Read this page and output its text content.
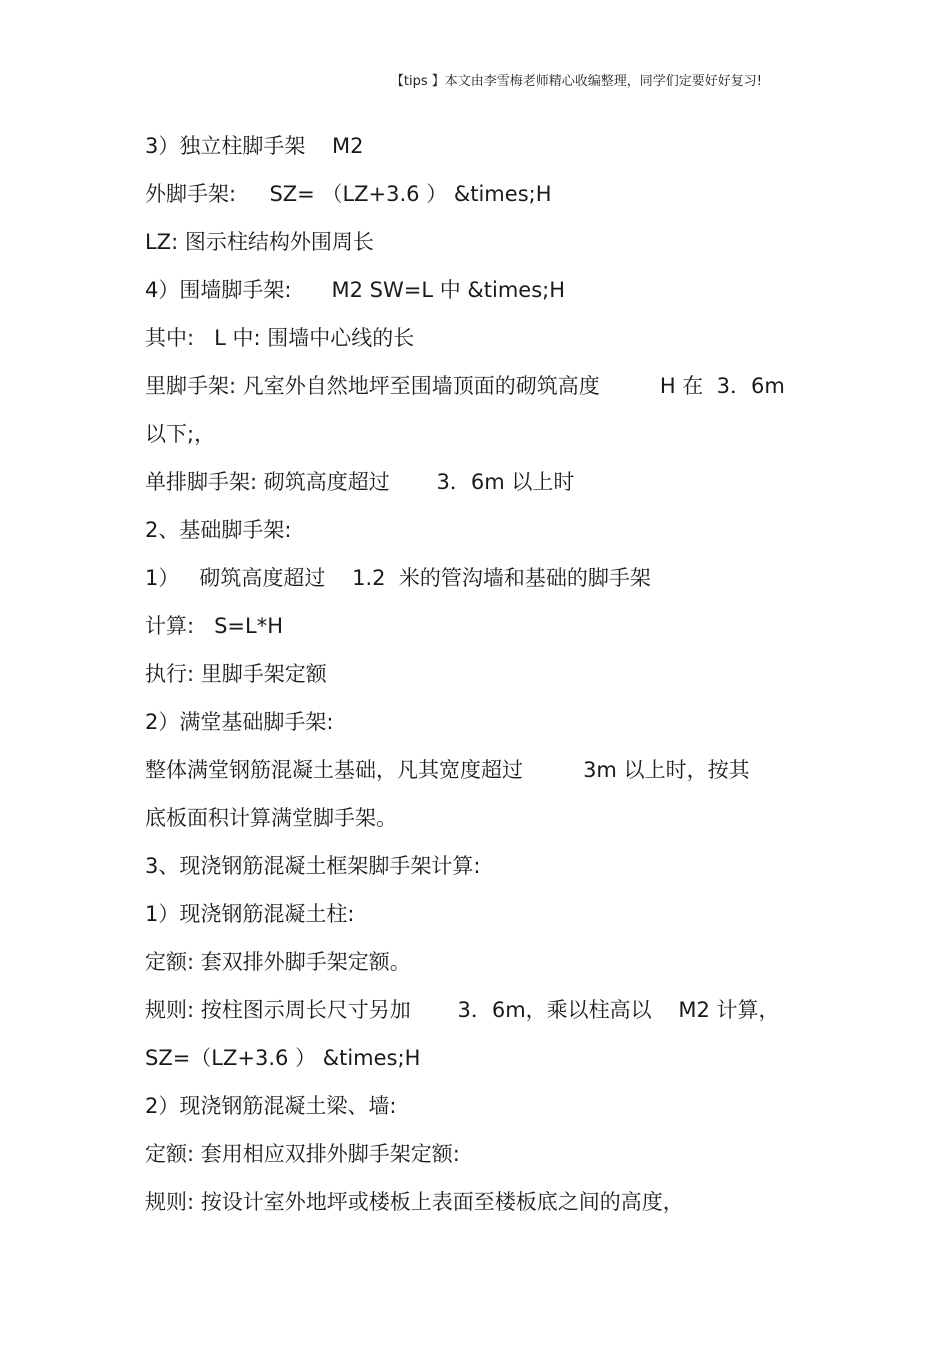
【tips 】本文由李雪梅老师精心收编整理，同学们定要好好复习!
3）独立柱脚手架    M2
外脚手架:     SZ= （LZ+3.6 ） &times;H
LZ: 图示柱结构外围周长
4）围墙脚手架:      M2 SW=L 中 &times;H
其中:   L 中: 围墙中心线的长
里脚手架: 凡室外自然地坪至围墙顶面的砌筑高度         H 在  3．6m
以下;，
单排脚手架: 砌筑高度超过       3．6m 以上时
2、基础脚手架:
1）   砌筑高度超过    1.2  米的管沟墙和基础的脚手架
计算:   S=L*H
执行: 里脚手架定额
2）满堂基础脚手架:
整体满堂钢筋混凝土基础，凡其宽度超过         3m 以上时，按其
底板面积计算满堂脚手架。
3、现浇钢筋混凝土框架脚手架计算:
1）现浇钢筋混凝土柱:
定额: 套双排外脚手架定额。
规则: 按柱图示周长尺寸另加       3．6m，乘以柱高以    M2 计算，
SZ=（LZ+3.6 ） &times;H
2）现浇钢筋混凝土梁、墙:
定额: 套用相应双排外脚手架定额:
规则: 按设计室外地坪或楼板上表面至楼板底之间的高度，
